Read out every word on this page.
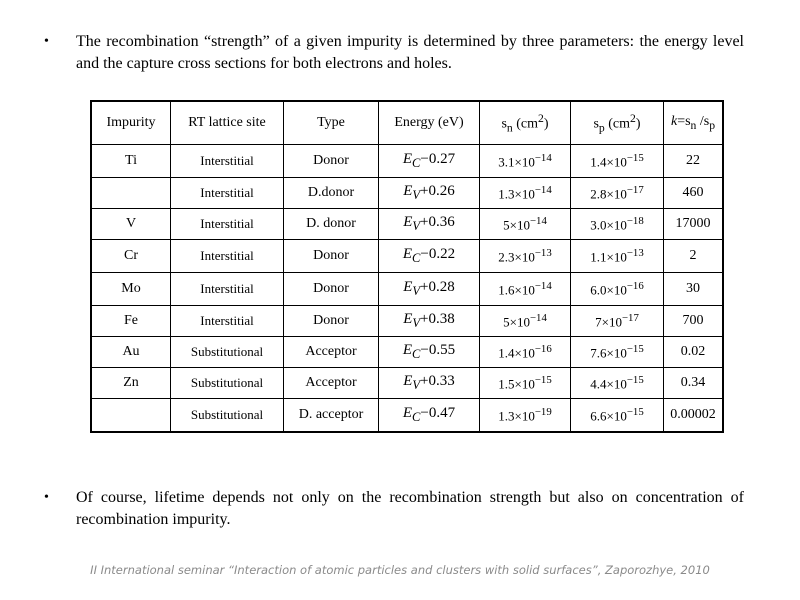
•	The recombination “strength” of a given impurity is determined by three parameters: the energy level and the capture cross sections for both electrons and holes.
Impurity	RT lattice site	Type	Energy (eV)	$s_n$ $(cm^2)$	$s_p$ $(cm^2)$	$k=s_n$ $/s_p$
Ti	Interstitial	Donor	$E_C-0.27$	$3.1\times 10^{-14}$	$1.4\times 10^{-15}$	22
	Interstitial	D.donor	$E_V+0.26$	$1.3\times 10^{-14}$	$2.8\times 10^{-17}$	460
V	Interstitial	D. donor	$E_V+0.36$	$5\times 10^{-14}$	$3.0\times 10^{-18}$	17000
Cr	Interstitial	Donor	$E_C-0.22$	$2.3\times 10^{-13}$	$1.1\times 10^{-13}$	2
Mo	Interstitial	Donor	$E_V+0.28$	$1.6\times 10^{-14}$	$6.0\times 10^{-16}$	30
Fe	Interstitial	Donor	$E_V+0.38$	$5\times 10^{-14}$	$7\times 10^{-17}$	700
Au	Substitutional	Acceptor	$E_C-0.55$	$1.4\times 10^{-16}$	$7.6\times 10^{-15}$	0.02
Zn	Substitutional	Acceptor	$E_V+0.33$	$1.5\times 10^{-15}$	$4.4\times 10^{-15}$	0.34
	Substitutional	D. acceptor	$E_C-0.47$	$1.3\times 10^{-19}$	$6.6\times 10^{-15}$	0.00002
•	Of course, lifetime depends not only on the recombination strength but also on concentration of recombination impurity.
II International seminar “Interaction of atomic particles and clusters with solid surfaces”, Zaporozhye, 2010
